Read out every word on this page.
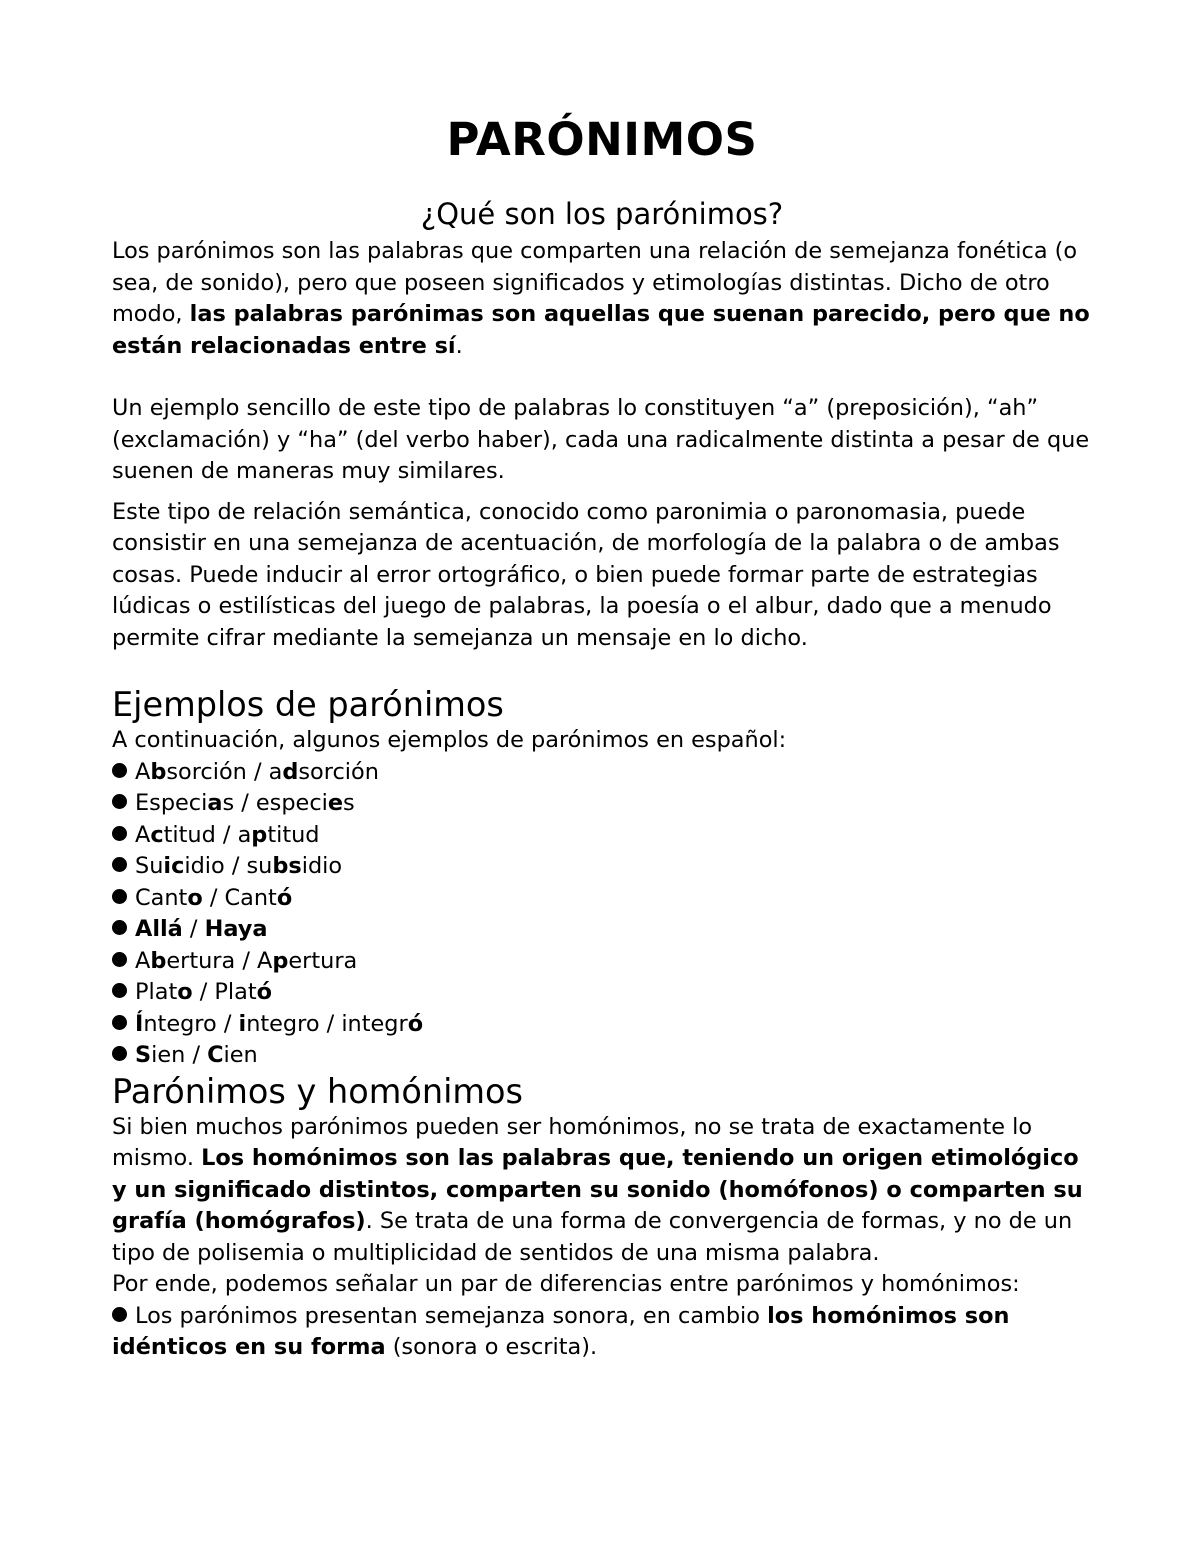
PARÓNIMOS
¿Qué son los parónimos?

Los parónimos son las palabras que comparten una relación de semejanza fonética (o sea, de sonido), pero que poseen significados y etimologías distintas. Dicho de otro modo, las palabras parónimas son aquellas que suenan parecido, pero que no están relacionadas entre sí.

Un ejemplo sencillo de este tipo de palabras lo constituyen “a” (preposición), “ah” (exclamación) y “ha” (del verbo haber), cada una radicalmente distinta a pesar de que suenen de maneras muy similares.

Este tipo de relación semántica, conocido como paronimia o paronomasia, puede consistir en una semejanza de acentuación, de morfología de la palabra o de ambas cosas. Puede inducir al error ortográfico, o bien puede formar parte de estrategias lúdicas o estilísticas del juego de palabras, la poesía o el albur, dado que a menudo permite cifrar mediante la semejanza un mensaje en lo dicho.

Ejemplos de parónimos

A continuación, algunos ejemplos de parónimos en español:

Absorción / adsorción
Especias / especies
Actitud / aptitud
Suicidio / subsidio
Canto / Cantó
Allá / Haya
Abertura / Apertura
Plato / Plató
Íntegro / integro / integró
Sien / Cien
Parónimos y homónimos

Si bien muchos parónimos pueden ser homónimos, no se trata de exactamente lo mismo. Los homónimos son las palabras que, teniendo un origen etimológico y un significado distintos, comparten su sonido (homófonos) o comparten su grafía (homógrafos). Se trata de una forma de convergencia de formas, y no de un tipo de polisemia o multiplicidad de sentidos de una misma palabra.

Por ende, podemos señalar un par de diferencias entre parónimos y homónimos:

Los parónimos presentan semejanza sonora, en cambio los homónimos son idénticos en su forma (sonora o escrita).
